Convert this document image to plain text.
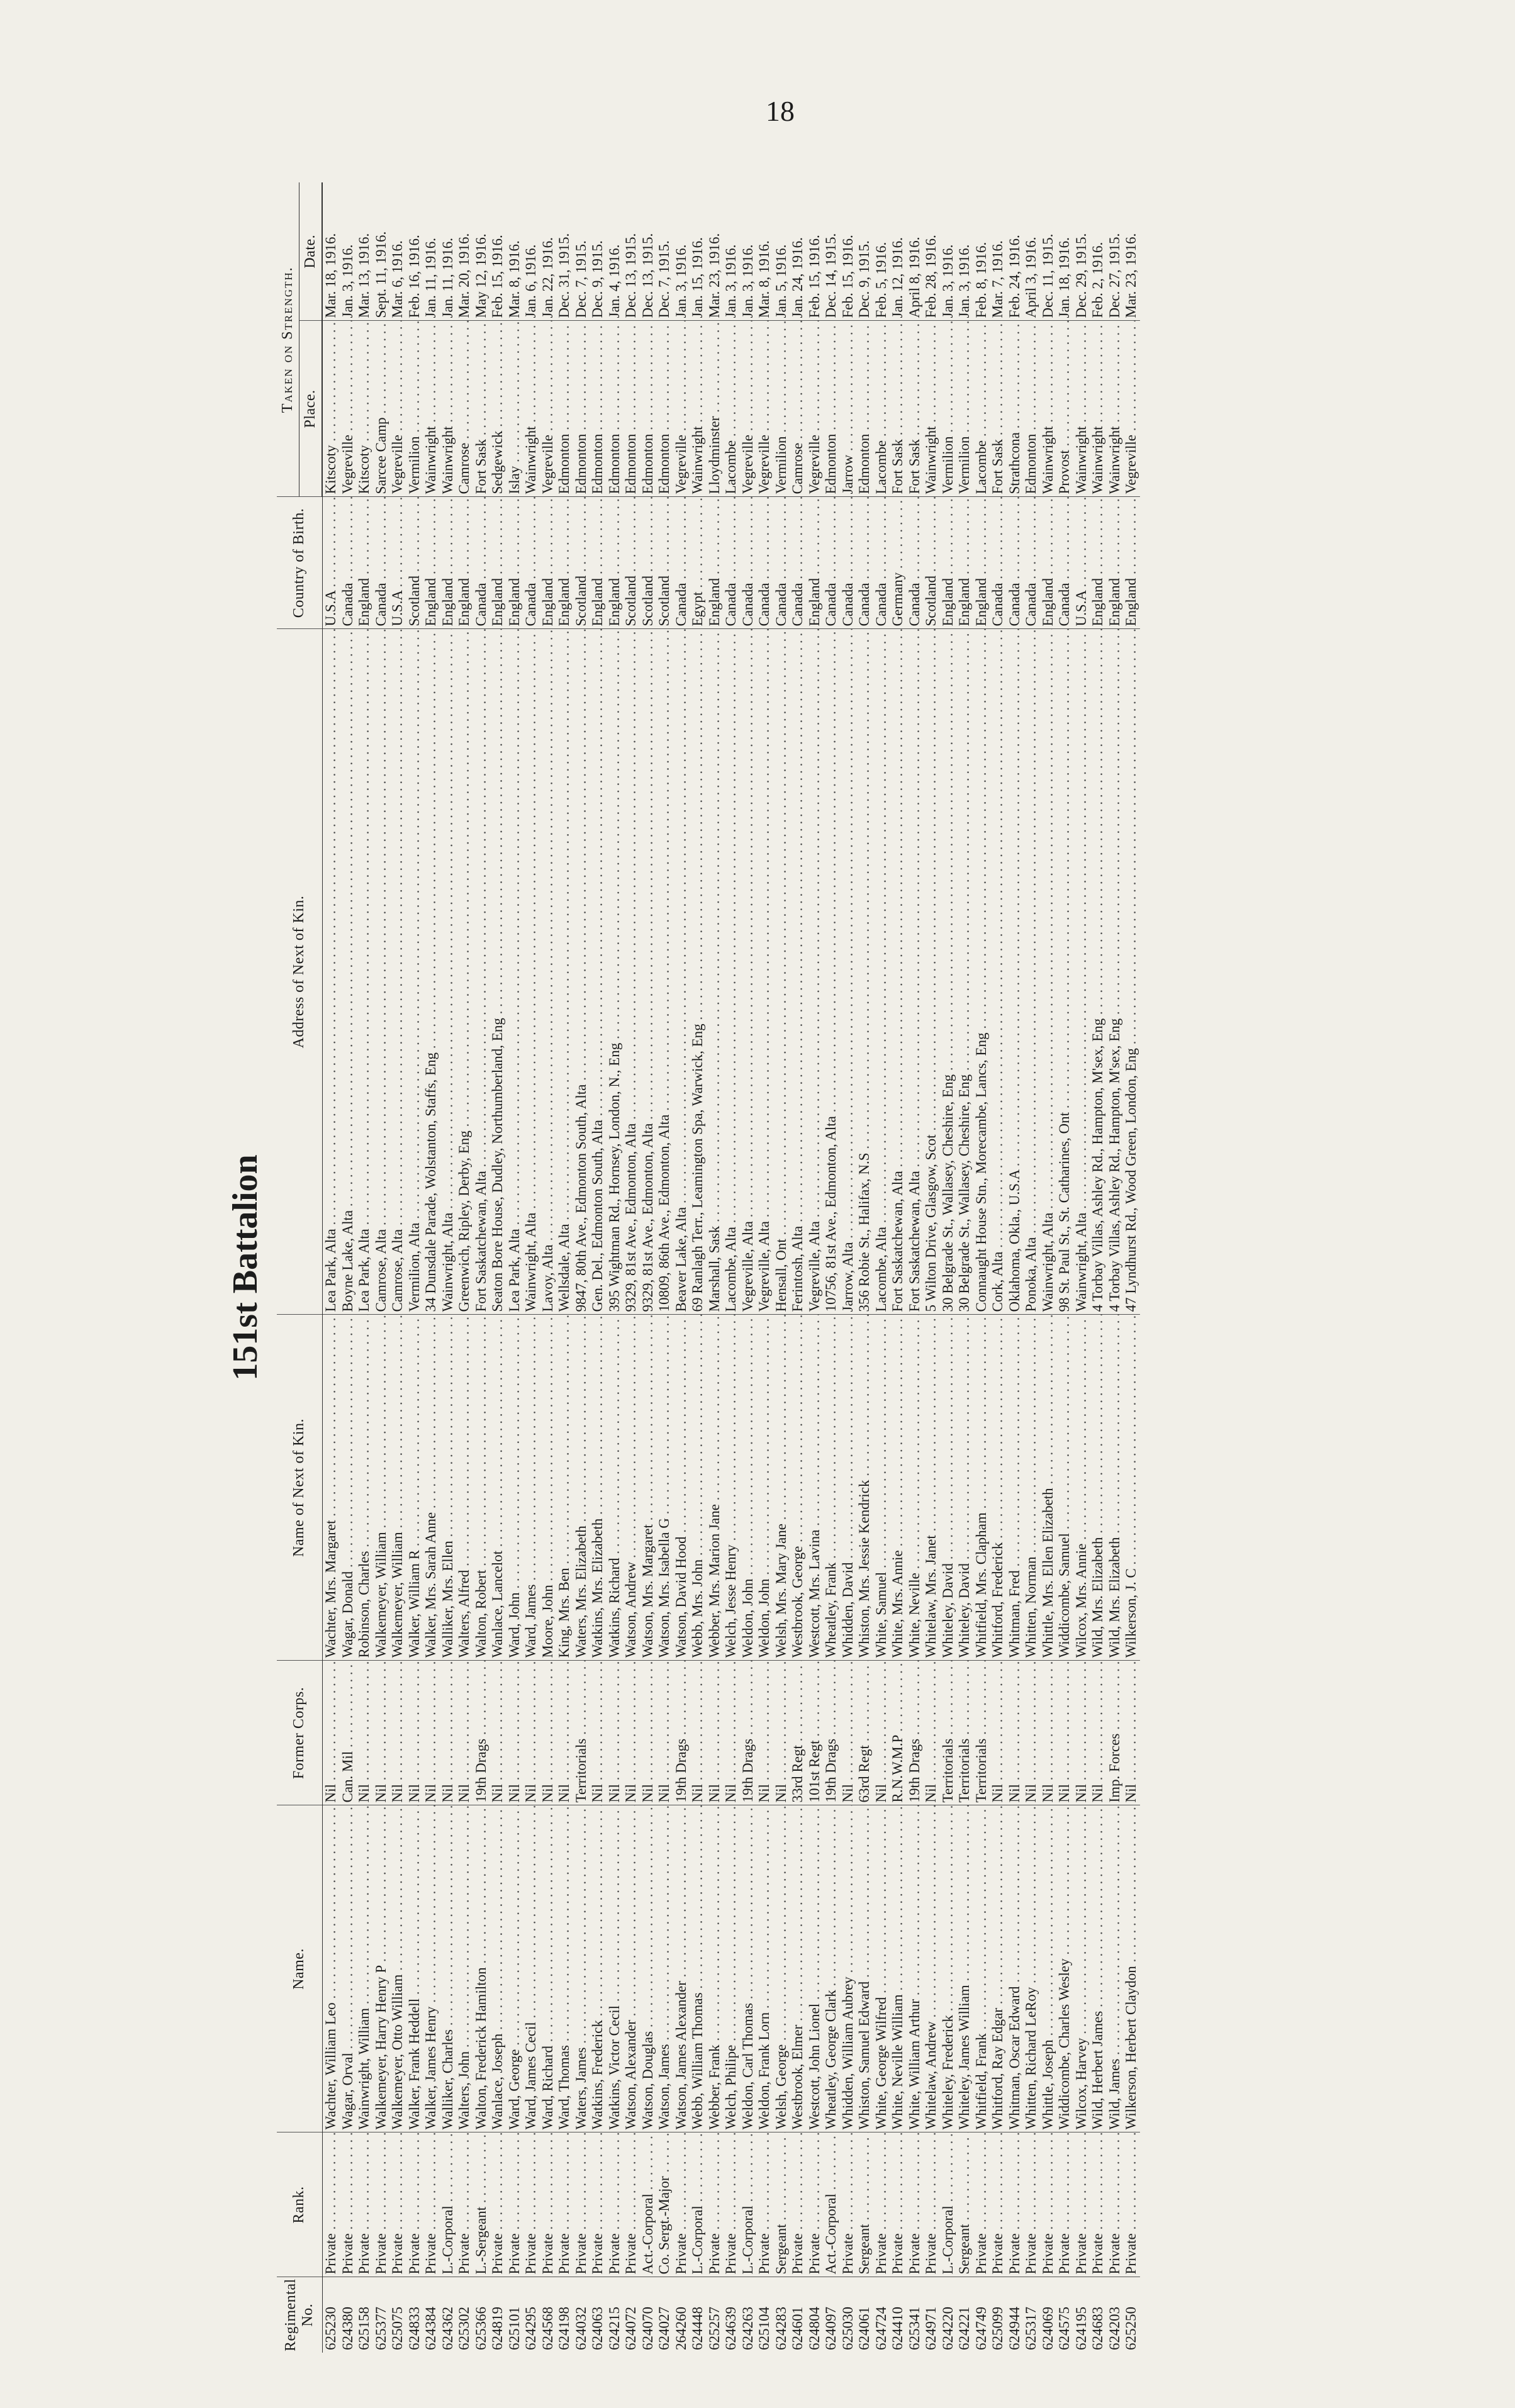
18
151st Battalion
Regimental No.	Rank.	Name.	Former Corps.	Name of Next of Kin.	Address of Next of Kin.	Country of Birth.	Taken on Strength.	
							Place.	Date.
625230	Private . . .	Wachter, William Leo . . .	Nil . . .	Wachter, Mrs. Margaret . . .	Lea Park, Alta . . .	U.S.A . . .	Kitscoty . . .	Mar. 18, 1916.
624380	Private . . .	Wagar, Orval . . .	Can. Mil . . .	Wagar, Donald . . .	Boyne Lake, Alta . . .	Canada . . .	Vegreville . . .	Jan. 3, 1916.
625158	Private . . .	Wainwright, William . . .	Nil . . .	Robinson, Charles . . .	Lea Park, Alta . . .	England . . .	Kitscoty . . .	Mar. 13, 1916.
625377	Private . . .	Walkemeyer, Harry Henry P . . .	Nil . . .	Walkemeyer, William . . .	Camrose, Alta . . .	Canada . . .	Sarcee Camp . . .	Sept. 11, 1916.
625075	Private . . .	Walkemeyer, Otto William . . .	Nil . . .	Walkemeyer, William . . .	Camrose, Alta . . .	U.S.A . . .	Vegreville . . .	Mar. 6, 1916.
624833	Private . . .	Walker, Frank Heddell . . .	Nil . . .	Walker, William R . . .	Vermilion, Alta . . .	Scotland . . .	Vermilion . . .	Feb. 16, 1916.
624384	Private . . .	Walker, James Henry . . .	Nil . . .	Walker, Mrs. Sarah Anne . . .	34 Dunsdale Parade, Wolstanton, Staffs, Eng . . .	England . . .	Wainwright . . .	Jan. 11, 1916.
624362	L.-Corporal . . .	Walliker, Charles . . .	Nil . . .	Walliker, Mrs. Ellen . . .	Wainwright, Alta . . .	England . . .	Wainwright . . .	Jan. 11, 1916.
625302	Private . . .	Walters, John . . .	Nil . . .	Walters, Alfred . . .	Greenwich, Ripley, Derby, Eng . . .	England . . .	Camrose . . .	Mar. 20, 1916.
625366	L.-Sergeant . . .	Walton, Frederick Hamilton . . .	19th Drags . . .	Walton, Robert . . .	Fort Saskatchewan, Alta . . .	Canada . . .	Fort Sask . . .	May 12, 1916.
624819	Private . . .	Wanlace, Joseph . . .	Nil . . .	Wanlace, Lancelot . . .	Seaton Bore House, Dudley, Northumberland, Eng . . .	England . . .	Sedgewick . . .	Feb. 15, 1916.
625101	Private . . .	Ward, George . . .	Nil . . .	Ward, John . . .	Lea Park, Alta . . .	England . . .	Islay . . .	Mar. 8, 1916.
624295	Private . . .	Ward, James Cecil . . .	Nil . . .	Ward, James . . .	Wainwright, Alta . . .	Canada . . .	Wainwright . . .	Jan. 6, 1916.
624568	Private . . .	Ward, Richard . . .	Nil . . .	Moore, John . . .	Lavoy, Alta . . .	England . . .	Vegreville . . .	Jan. 22, 1916.
624198	Private . . .	Ward, Thomas . . .	Nil . . .	King, Mrs. Ben . . .	Wellsdale, Alta . . .	England . . .	Edmonton . . .	Dec. 31, 1915.
624032	Private . . .	Waters, James . . .	Territorials . . .	Waters, Mrs. Elizabeth . . .	9847, 80th Ave., Edmonton South, Alta . . .	Scotland . . .	Edmonton . . .	Dec. 7, 1915.
624063	Private . . .	Watkins, Frederick . . .	Nil . . .	Watkins, Mrs. Elizabeth . . .	Gen. Del., Edmonton South, Alta . . .	England . . .	Edmonton . . .	Dec. 9, 1915.
624215	Private . . .	Watkins, Victor Cecil . . .	Nil . . .	Watkins, Richard . . .	395 Wightman Rd., Hornsey, London, N., Eng . . .	England . . .	Edmonton . . .	Jan. 4, 1916.
624072	Private . . .	Watson, Alexander . . .	Nil . . .	Watson, Andrew . . .	9329, 81st Ave., Edmonton, Alta . . .	Scotland . . .	Edmonton . . .	Dec. 13, 1915.
624070	Act.-Corporal . . .	Watson, Douglas . . .	Nil . . .	Watson, Mrs. Margaret . . .	9329, 81st Ave., Edmonton, Alta . . .	Scotland . . .	Edmonton . . .	Dec. 13, 1915.
624027	Co. Sergt.-Major . . .	Watson, James . . .	Nil . . .	Watson, Mrs. Isabella G . . .	10809, 86th Ave., Edmonton, Alta . . .	Scotland . . .	Edmonton . . .	Dec. 7, 1915.
264260	Private . . .	Watson, James Alexander . . .	19th Drags . . .	Watson, David Hood . . .	Beaver Lake, Alta . . .	Canada . . .	Vegreville . . .	Jan. 3, 1916.
624448	L.-Corporal . . .	Webb, William Thomas . . .	Nil . . .	Webb, Mrs. John . . .	69 Ranlagh Terr., Leamington Spa, Warwick, Eng . . .	Egypt . . .	Wainwright . . .	Jan. 15, 1916.
625257	Private . . .	Webber, Frank . . .	Nil . . .	Webber, Mrs. Marion Jane . . .	Marshall, Sask . . .	England . . .	Lloydminster . . .	Mar. 23, 1916.
624639	Private . . .	Welch, Philipe . . .	Nil . . .	Welch, Jesse Henry . . .	Lacombe, Alta . . .	Canada . . .	Lacombe . . .	Jan. 3, 1916.
624263	L.-Corporal . . .	Weldon, Carl Thomas . . .	19th Drags . . .	Weldon, John . . .	Vegreville, Alta . . .	Canada . . .	Vegreville . . .	Jan. 3, 1916.
625104	Private . . .	Weldon, Frank Lorn . . .	Nil . . .	Weldon, John . . .	Vegreville, Alta . . .	Canada . . .	Vegreville . . .	Mar. 8, 1916.
624283	Sergeant . . .	Welsh, George . . .	Nil . . .	Welsh, Mrs. Mary Jane . . .	Hensall, Ont . . .	Canada . . .	Vermilion . . .	Jan. 5, 1916.
624601	Private . . .	Westbrook, Elmer . . .	33rd Regt . . .	Westbrook, George . . .	Ferintosh, Alta . . .	Canada . . .	Camrose . . .	Jan. 24, 1916.
624804	Private . . .	Westcott, John Lionel . . .	101st Regt . . .	Westcott, Mrs. Lavina . . .	Vegreville, Alta . . .	England . . .	Vegreville . . .	Feb. 15, 1916.
624097	Act.-Corporal . . .	Wheatley, George Clark . . .	19th Drags . . .	Wheatley, Frank . . .	10756, 81st Ave., Edmonton, Alta . . .	Canada . . .	Edmonton . . .	Dec. 14, 1915.
625030	Private . . .	Whidden, William Aubrey . . .	Nil . . .	Whidden, David . . .	Jarrow, Alta . . .	Canada . . .	Jarrow . . .	Feb. 15, 1916.
624061	Sergeant . . .	Whiston, Samuel Edward . . .	63rd Regt . . .	Whiston, Mrs. Jessie Kendrick . . .	356 Robie St., Halifax, N.S . . .	Canada . . .	Edmonton . . .	Dec. 9, 1915.
624724	Private . . .	White, George Wilfred . . .	Nil . . .	White, Samuel . . .	Lacombe, Alta . . .	Canada . . .	Lacombe . . .	Feb. 5, 1916.
624410	Private . . .	White, Neville William . . .	R.N.W.M.P . . .	White, Mrs. Annie . . .	Fort Saskatchewan, Alta . . .	Germany . . .	Fort Sask . . .	Jan. 12, 1916.
625341	Private . . .	White, William Arthur . . .	19th Drags . . .	White, Neville . . .	Fort Saskatchewan, Alta . . .	Canada . . .	Fort Sask . . .	April 8, 1916.
624971	Private . . .	Whitelaw, Andrew . . .	Nil . . .	Whitelaw, Mrs. Janet . . .	5 Wilton Drive, Glasgow, Scot . . .	Scotland . . .	Wainwright . . .	Feb. 28, 1916.
624220	L.-Corporal . . .	Whiteley, Frederick . . .	Territorials . . .	Whiteley, David . . .	30 Belgrade St., Wallasey, Cheshire, Eng . . .	England . . .	Vermilion . . .	Jan. 3, 1916.
624221	Sergeant . . .	Whiteley, James William . . .	Territorials . . .	Whiteley, David . . .	30 Belgrade St., Wallasey, Cheshire, Eng . . .	England . . .	Vermilion . . .	Jan. 3, 1916.
624749	Private . . .	Whitfield, Frank . . .	Territorials . . .	Whitfield, Mrs. Clapham . . .	Connaught House Stn., Morecambe, Lancs, Eng . . .	England . . .	Lacombe . . .	Feb. 8, 1916.
625099	Private . . .	Whitford, Ray Edgar . . .	Nil . . .	Whitford, Frederick . . .	Cork, Alta . . .	Canada . . .	Fort Sask . . .	Mar. 7, 1916.
624944	Private . . .	Whitman, Oscar Edward . . .	Nil . . .	Whitman, Fred . . .	Oklahoma, Okla., U.S.A . . .	Canada . . .	Strathcona . . .	Feb. 24, 1916.
625317	Private . . .	Whitten, Richard LeRoy . . .	Nil . . .	Whitten, Norman . . .	Ponoka, Alta . . .	Canada . . .	Edmonton . . .	April 3, 1916.
624069	Private . . .	Whittle, Joseph . . .	Nil . . .	Whittle, Mrs. Ellen Elizabeth . . .	Wainwright, Alta . . .	England . . .	Wainwright . . .	Dec. 11, 1915.
624575	Private . . .	Widdicombe, Charles Wesley . . .	Nil . . .	Widdicombe, Samuel . . .	98 St. Paul St., St. Catharines, Ont . . .	Canada . . .	Provost . . .	Jan. 18, 1916.
624195	Private . . .	Wilcox, Harvey . . .	Nil . . .	Wilcox, Mrs. Annie . . .	Wainwright, Alta . . .	U.S.A . . .	Wainwright . . .	Dec. 29, 1915.
624683	Private . . .	Wild, Herbert James . . .	Nil . . .	Wild, Mrs. Elizabeth . . .	4 Torbay Villas, Ashley Rd., Hampton, M'sex, Eng . . .	England . . .	Wainwright . . .	Feb. 2, 1916.
624203	Private . . .	Wild, James . . .	Imp. Forces . . .	Wild, Mrs. Elizabeth . . .	4 Torbay Villas, Ashley Rd., Hampton, M'sex, Eng . . .	England . . .	Wainwright . . .	Dec. 27, 1915.
625250	Private . . .	Wilkerson, Herbert Claydon . . .	Nil . . .	Wilkerson, J. C . . .	47 Lyndhurst Rd., Wood Green, London, Eng . . .	England . . .	Vegreville . . .	Mar. 23, 1916.
